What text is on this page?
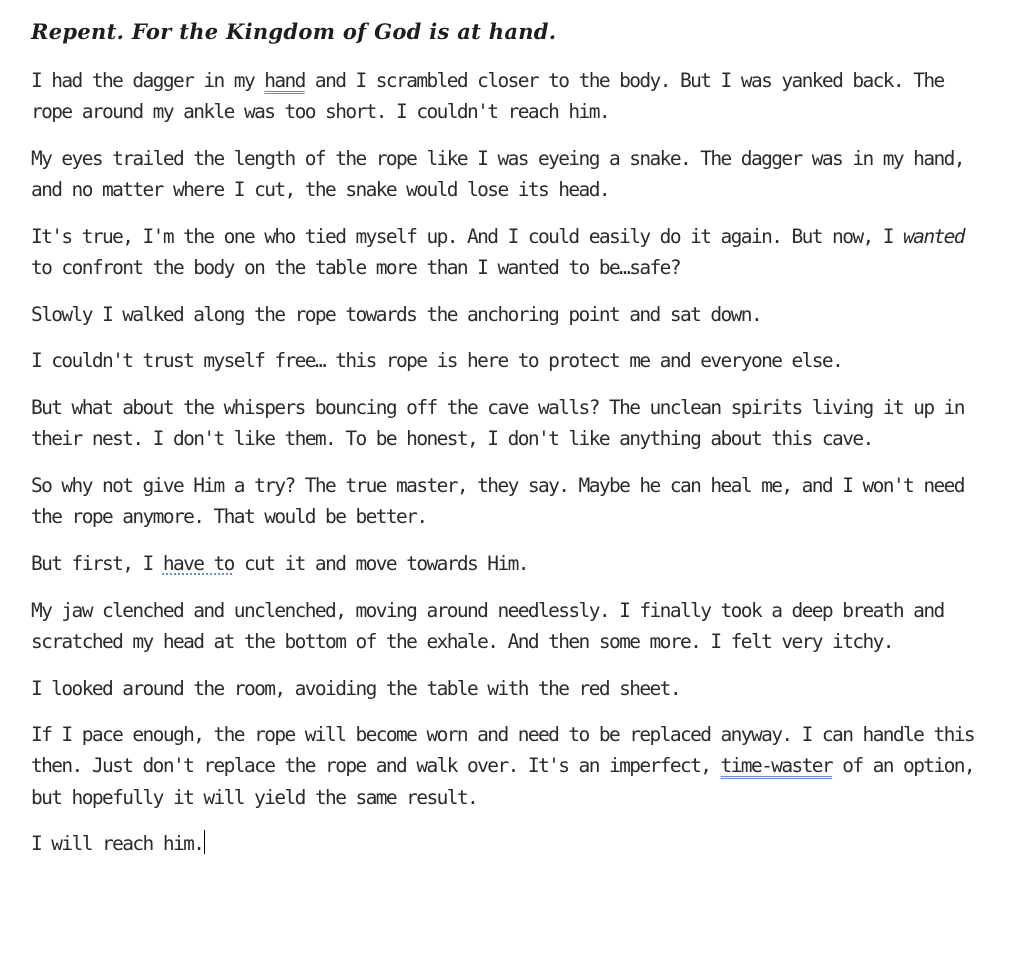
Repent. For the Kingdom of God is at hand.

I had the dagger in my hand and I scrambled closer to the body. But I was yanked back. The rope around my ankle was too short. I couldn't reach him.

My eyes trailed the length of the rope like I was eyeing a snake. The dagger was in my hand, and no matter where I cut, the snake would lose its head.

It's true, I'm the one who tied myself up. And I could easily do it again. But now, I wanted to confront the body on the table more than I wanted to be…safe?

Slowly I walked along the rope towards the anchoring point and sat down.

I couldn't trust myself free… this rope is here to protect me and everyone else.

But what about the whispers bouncing off the cave walls? The unclean spirits living it up in their nest. I don't like them. To be honest, I don't like anything about this cave.

So why not give Him a try? The true master, they say. Maybe he can heal me, and I won't need the rope anymore. That would be better.

But first, I have to cut it and move towards Him.

My jaw clenched and unclenched, moving around needlessly. I finally took a deep breath and scratched my head at the bottom of the exhale. And then some more. I felt very itchy.

I looked around the room, avoiding the table with the red sheet.

If I pace enough, the rope will become worn and need to be replaced anyway. I can handle this then. Just don't replace the rope and walk over. It's an imperfect, time-waster of an option, but hopefully it will yield the same result.

I will reach him.
